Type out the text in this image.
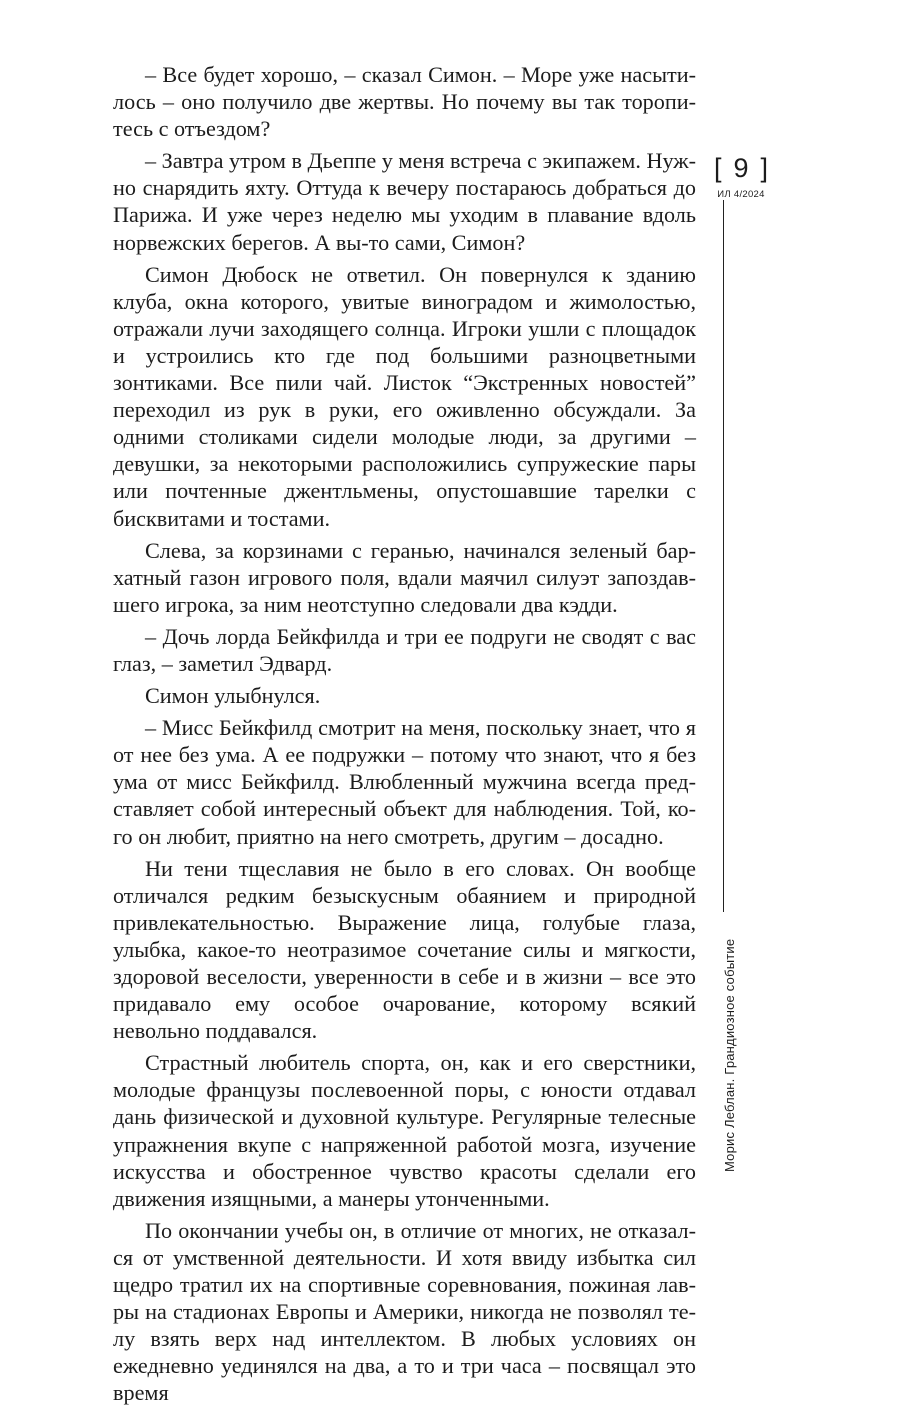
– Все будет хорошо, – сказал Симон. – Море уже насытилось – оно получило две жертвы. Но почему вы так торопитесь с отъездом?

– Завтра утром в Дьеппе у меня встреча с экипажем. Нужно снарядить яхту. Оттуда к вечеру постараюсь добраться до Парижа. И уже через неделю мы уходим в плавание вдоль норвежских берегов. А вы-то сами, Симон?

Симон Дюбоск не ответил. Он повернулся к зданию клуба, окна которого, увитые виноградом и жимолостью, отражали лучи заходящего солнца. Игроки ушли с площадок и устроились кто где под большими разноцветными зонтиками. Все пили чай. Листок “Экстренных новостей” переходил из рук в руки, его оживленно обсуждали. За одними столиками сидели молодые люди, за другими – девушки, за некоторыми расположились супружеские пары или почтенные джентльмены, опустошавшие тарелки с бисквитами и тостами.

Слева, за корзинами с геранью, начинался зеленый бархатный газон игрового поля, вдали маячил силуэт запоздавшего игрока, за ним неотступно следовали два кэдди.

– Дочь лорда Бейкфилда и три ее подруги не сводят с вас глаз, – заметил Эдвард.

Симон улыбнулся.

– Мисс Бейкфилд смотрит на меня, поскольку знает, что я от нее без ума. А ее подружки – потому что знают, что я без ума от мисс Бейкфилд. Влюбленный мужчина всегда представляет собой интересный объект для наблюдения. Той, кого он любит, приятно на него смотреть, другим – досадно.

Ни тени тщеславия не было в его словах. Он вообще отличался редким безыскусным обаянием и природной привлекательностью. Выражение лица, голубые глаза, улыбка, какое-то неотразимое сочетание силы и мягкости, здоровой веселости, уверенности в себе и в жизни – все это придавало ему особое очарование, которому всякий невольно поддавался.

Страстный любитель спорта, он, как и его сверстники, молодые французы послевоенной поры, с юности отдавал дань физической и духовной культуре. Регулярные телесные упражнения вкупе с напряженной работой мозга, изучение искусства и обостренное чувство красоты сделали его движения изящными, а манеры утонченными.

По окончании учебы он, в отличие от многих, не отказался от умственной деятельности. И хотя ввиду избытка сил щедро тратил их на спортивные соревнования, пожиная лавры на стадионах Европы и Америки, никогда не позволял телу взять верх над интеллектом. В любых условиях он ежедневно уединялся на два, а то и три часа – посвящал это время

[9]
ИЛ 4/2024
Морис Леблан. Грандиозное событие
